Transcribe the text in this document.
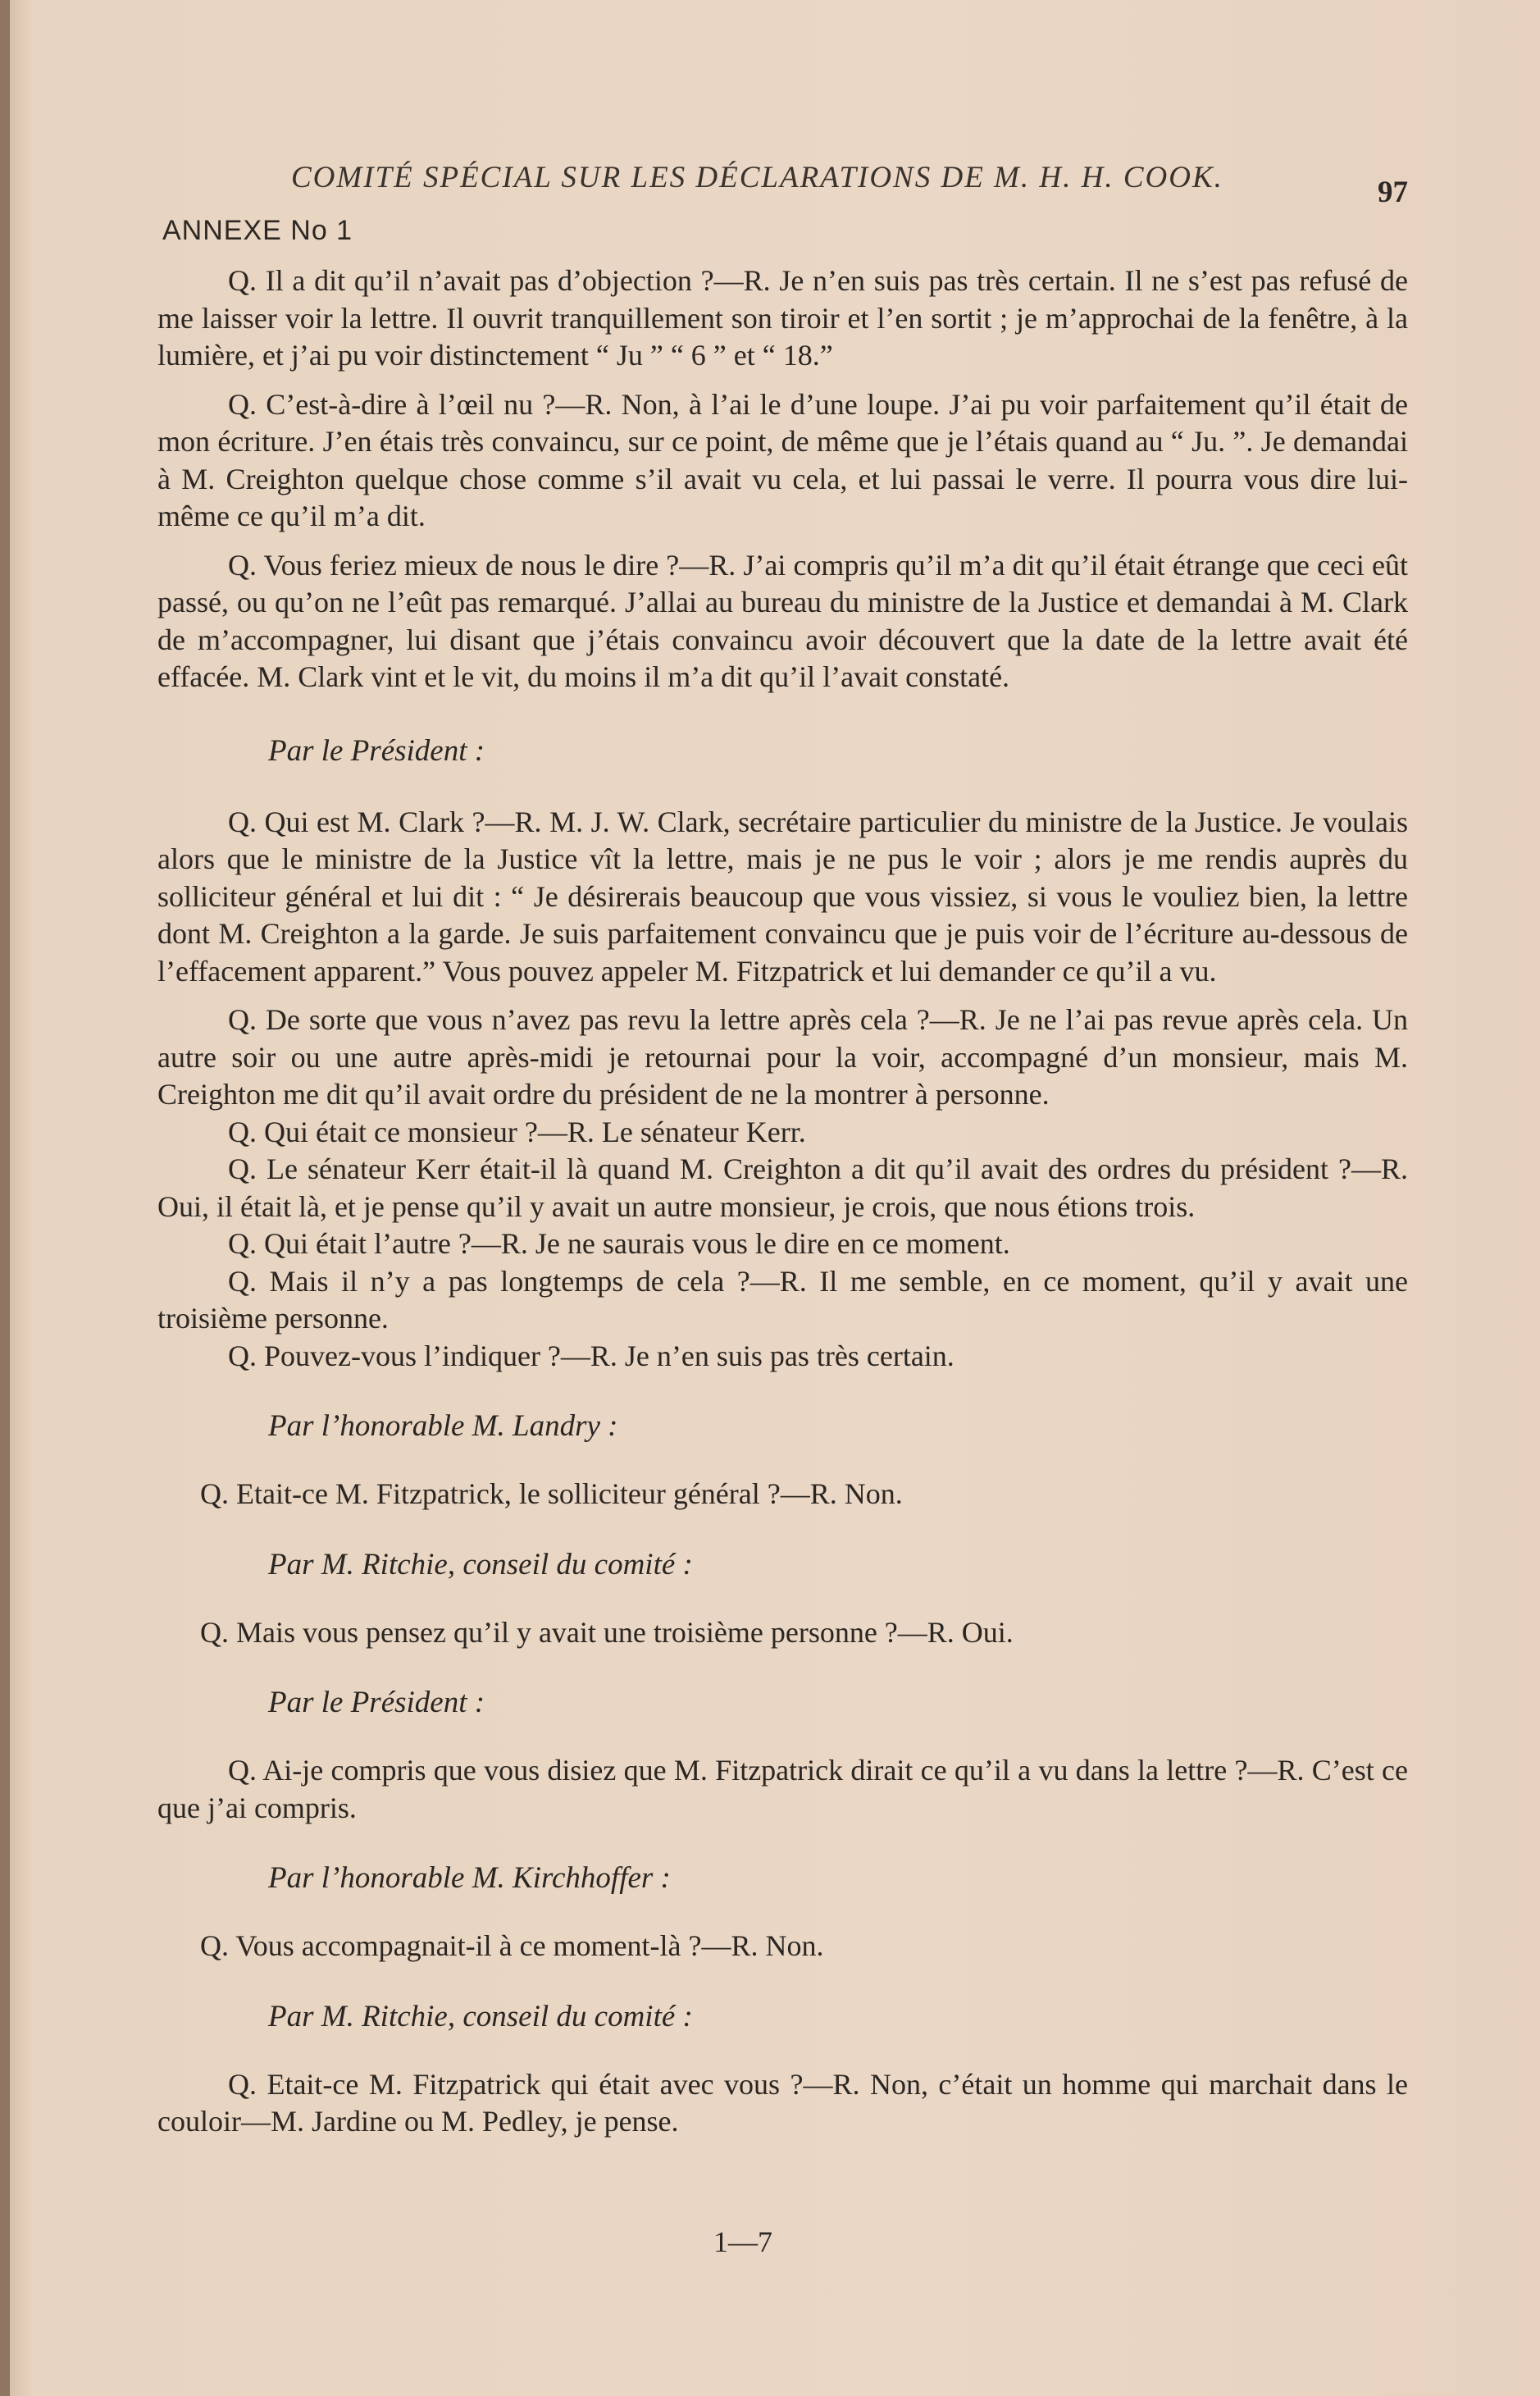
COMITÉ SPÉCIAL SUR LES DÉCLARATIONS DE M. H. H. COOK.	97
ANNEXE No 1

Q. Il a dit qu’il n’avait pas d’objection ?—R. Je n’en suis pas très certain. Il ne s’est pas refusé de me laisser voir la lettre. Il ouvrit tranquillement son tiroir et l’en sortit ; je m’approchai de la fenêtre, à la lumière, et j’ai pu voir distinctement “ Ju ” “ 6 ” et “ 18.”

Q. C’est-à-dire à l’œil nu ?—R. Non, à l’ai le d’une loupe. J’ai pu voir parfaitement qu’il était de mon écriture. J’en étais très convaincu, sur ce point, de même que je l’étais quand au “ Ju. ”. Je demandai à M. Creighton quelque chose comme s’il avait vu cela, et lui passai le verre. Il pourra vous dire lui-même ce qu’il m’a dit.

Q. Vous feriez mieux de nous le dire ?—R. J’ai compris qu’il m’a dit qu’il était étrange que ceci eût passé, ou qu’on ne l’eût pas remarqué. J’allai au bureau du ministre de la Justice et demandai à M. Clark de m’accompagner, lui disant que j’étais convaincu avoir découvert que la date de la lettre avait été effacée. M. Clark vint et le vit, du moins il m’a dit qu’il l’avait constaté.

Par le Président :

Q. Qui est M. Clark ?—R. M. J. W. Clark, secrétaire particulier du ministre de la Justice. Je voulais alors que le ministre de la Justice vît la lettre, mais je ne pus le voir ; alors je me rendis auprès du solliciteur général et lui dit : “ Je désirerais beaucoup que vous vissiez, si vous le vouliez bien, la lettre dont M. Creighton a la garde. Je suis parfaitement convaincu que je puis voir de l’écriture au-dessous de l’effacement apparent.” Vous pouvez appeler M. Fitzpatrick et lui demander ce qu’il a vu.

Q. De sorte que vous n’avez pas revu la lettre après cela ?—R. Je ne l’ai pas revue après cela. Un autre soir ou une autre après-midi je retournai pour la voir, accompagné d’un monsieur, mais M. Creighton me dit qu’il avait ordre du président de ne la montrer à personne.

Q. Qui était ce monsieur ?—R. Le sénateur Kerr.

Q. Le sénateur Kerr était-il là quand M. Creighton a dit qu’il avait des ordres du président ?—R. Oui, il était là, et je pense qu’il y avait un autre monsieur, je crois, que nous étions trois.

Q. Qui était l’autre ?—R. Je ne saurais vous le dire en ce moment.

Q. Mais il n’y a pas longtemps de cela ?—R. Il me semble, en ce moment, qu’il y avait une troisième personne.

Q. Pouvez-vous l’indiquer ?—R. Je n’en suis pas très certain.

Par l’honorable M. Landry :

Q. Etait-ce M. Fitzpatrick, le solliciteur général ?—R. Non.

Par M. Ritchie, conseil du comité :

Q. Mais vous pensez qu’il y avait une troisième personne ?—R. Oui.

Par le Président :

Q. Ai-je compris que vous disiez que M. Fitzpatrick dirait ce qu’il a vu dans la lettre ?—R. C’est ce que j’ai compris.

Par l’honorable M. Kirchhoffer :

Q. Vous accompagnait-il à ce moment-là ?—R. Non.

Par M. Ritchie, conseil du comité :

Q. Etait-ce M. Fitzpatrick qui était avec vous ?—R. Non, c’était un homme qui marchait dans le couloir—M. Jardine ou M. Pedley, je pense.

1—7
